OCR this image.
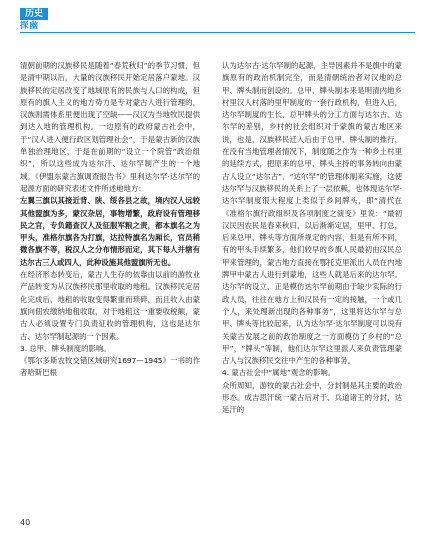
历史
探幽

清朝前期的汉族移民是随着“春荒秋归”的季节习惯，但是清中期以后，大量的汉族移民开始定居落户蒙地。汉族移民的定居改变了地域原有的民族与人口的构成，但原有的旗人主义的地方势力是专对蒙古人进行管理的，汉族则需体系里便出现了空缺——汉汉为当地牧民提供到达入地的管理机构。一边原有的政府蒙古社会中，于“汉人进入便行政区划管理社会”，于是蒙古新的汉族单独治理地区，于是在前期的“设立一个院管”政治组织”，所以这些成为达尔汗、达尔罕制产生的一个地域。《伊盟东蒙古旗调查报告书》里利达尔罕·达尔罕的起源方面的研究表述文件所述地地方：

左翼三旗以其接近背、陕、绥各县之故，境内汉人远较其他盟旗为多，蒙汉杂居，事物增繁，政府设有管理移民之官，专负籍查汉人及征服军粮之责，都本旗名之为甲头，准格尔旗各为打旗，达拉特旗名为厢长，官员稍微各旗不等，税汉人之分布情形而定，其下每人并辖有达尔古三人或四人，此种设施其他盟旗所无也。

在经济形态转变后，蒙古人生存的依靠由以前的游牧业产品转变为从汉族移民那里收取的地租。汉族移民定居化完成后，地租的收取变得繁重而琐碎，而且收入由蒙旗向佃农缴纳地租收取，对于地租这一重要收税额，蒙古人必须设置专门负责征收的管理机构，这也是达尔古、达尔罕制起源的一个因素。

3. 总甲、牌头制度的影响。

《鄂尔多斯农牧交错区域研究1697—1945》一书的作者哈斯巴根

认为达尔古·达尔罕制的起源，主导因素并不是旗中的蒙旗原有的政治机制完全，而是清朝统治者对汉地的总甲、牌头制而创设的。总甲、牌头制本来是明清内地乡村里汉人村落的里甲制度的一套行政机构，但进入后，达尔罕制度的生长，总甲牌头的分工方面与达尔古、达尔罕的差别，乡村的社会组织对于蒙旗的蒙古地区来说，也是，汉族移民迁入后由于总甲、牌头制的推行，在没有当地管理者情况下，制度随之作为一种乡土村里的延续方式，把原来的总甲、牌头主持的事务转向由蒙古人设立“达尔古”、“达尔罕”的管理体制来实施，这使达尔罕与汉族移民的关系上了一层依赖，也体现达尔罕·达尔罕制度很大程度上类似于乡间牌头，即“清代在《准格尔旗行政组织及各项制度之演变》里说：“最初汉民因农民是春来秋归，以后渐渐定居，里甲、打总，后来总甲、牌头等方面所规定的内容，但是有所不同，有的甲头手续繁多，他们较早的乡旗人民最初由汉民总甲来管理的，蒙古地方直接在鄂托克里派出人员在内地牌甲中蒙古人进行到蒙地，这些人就是后来的达尔罕。达尔罕的设立，正是模仿达尔罕前期由于缺少实际的行政人员，往往在地方上和汉民有一定的接触，一个或几个人，来处理新出现的各种事务”，这里将达尔罕与总甲、牌头等比较起来，认为达尔罕·达尔罕制度可以说有关蒙古发展之前的政治制度之一方面模仿了乡村的“总甲”，“牌头”等制，他们达尔罕这里派人来负责管理蒙古人与汉族移民交往中产生的各种事务。

4. 蒙古社会中“属地”观念的影响。

众所周知，游牧的蒙古社会中，分封制是其主要的政治形态。成吉思汗统一蒙古后对于、兵道诸王的分封，达延汗的

40
